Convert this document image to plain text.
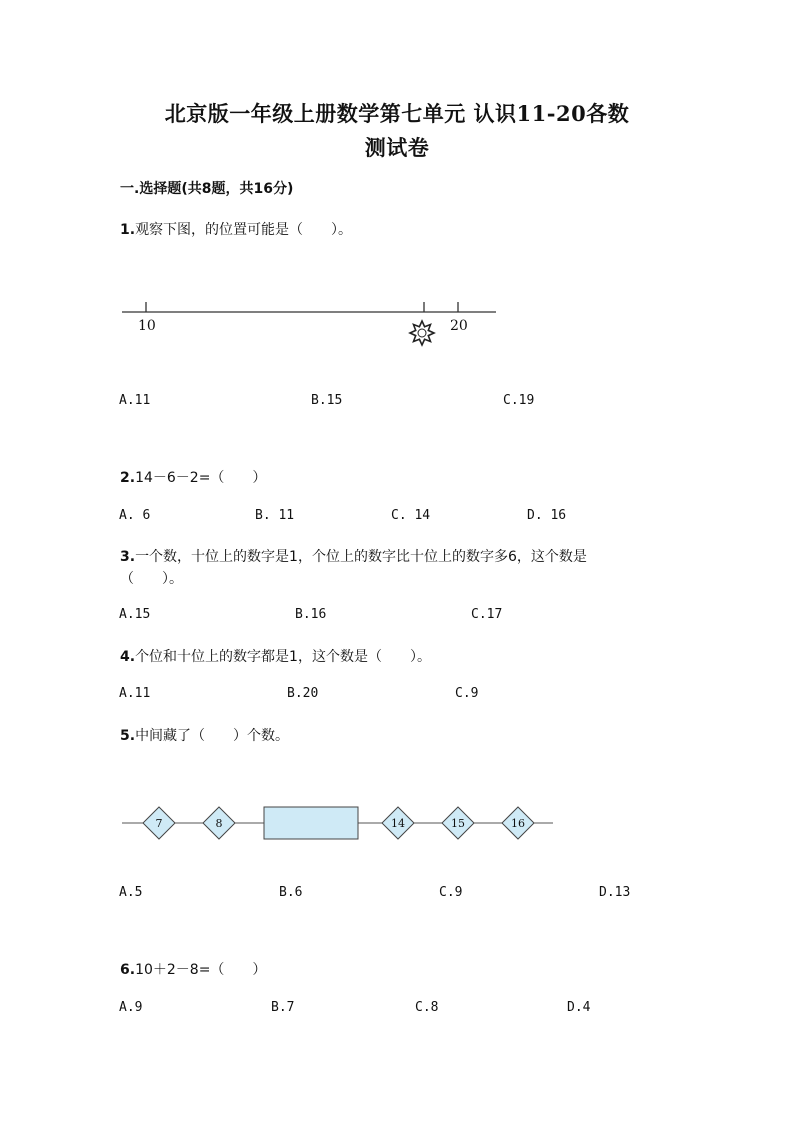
北京版一年级上册数学第七单元 认识11-20各数
测试卷
一.选择题(共8题，共16分)
1.观察下图，的位置可能是（　　）。
10	20
A.11	B.15	C.19
2.14－6－2=（　　）
A. 6	B. 11	C. 14	D. 16
3.一个数，十位上的数字是1，个位上的数字比十位上的数字多6，这个数是
（　　）。
A.15	B.16	C.17
4.个位和十位上的数字都是1，这个数是（　　）。
A.11	B.20	C.9
5.中间藏了（　　）个数。
7	8	14	15	16
A.5	B.6	C.9	D.13
6.10＋2－8=（　　）
A.9	B.7	C.8	D.4
